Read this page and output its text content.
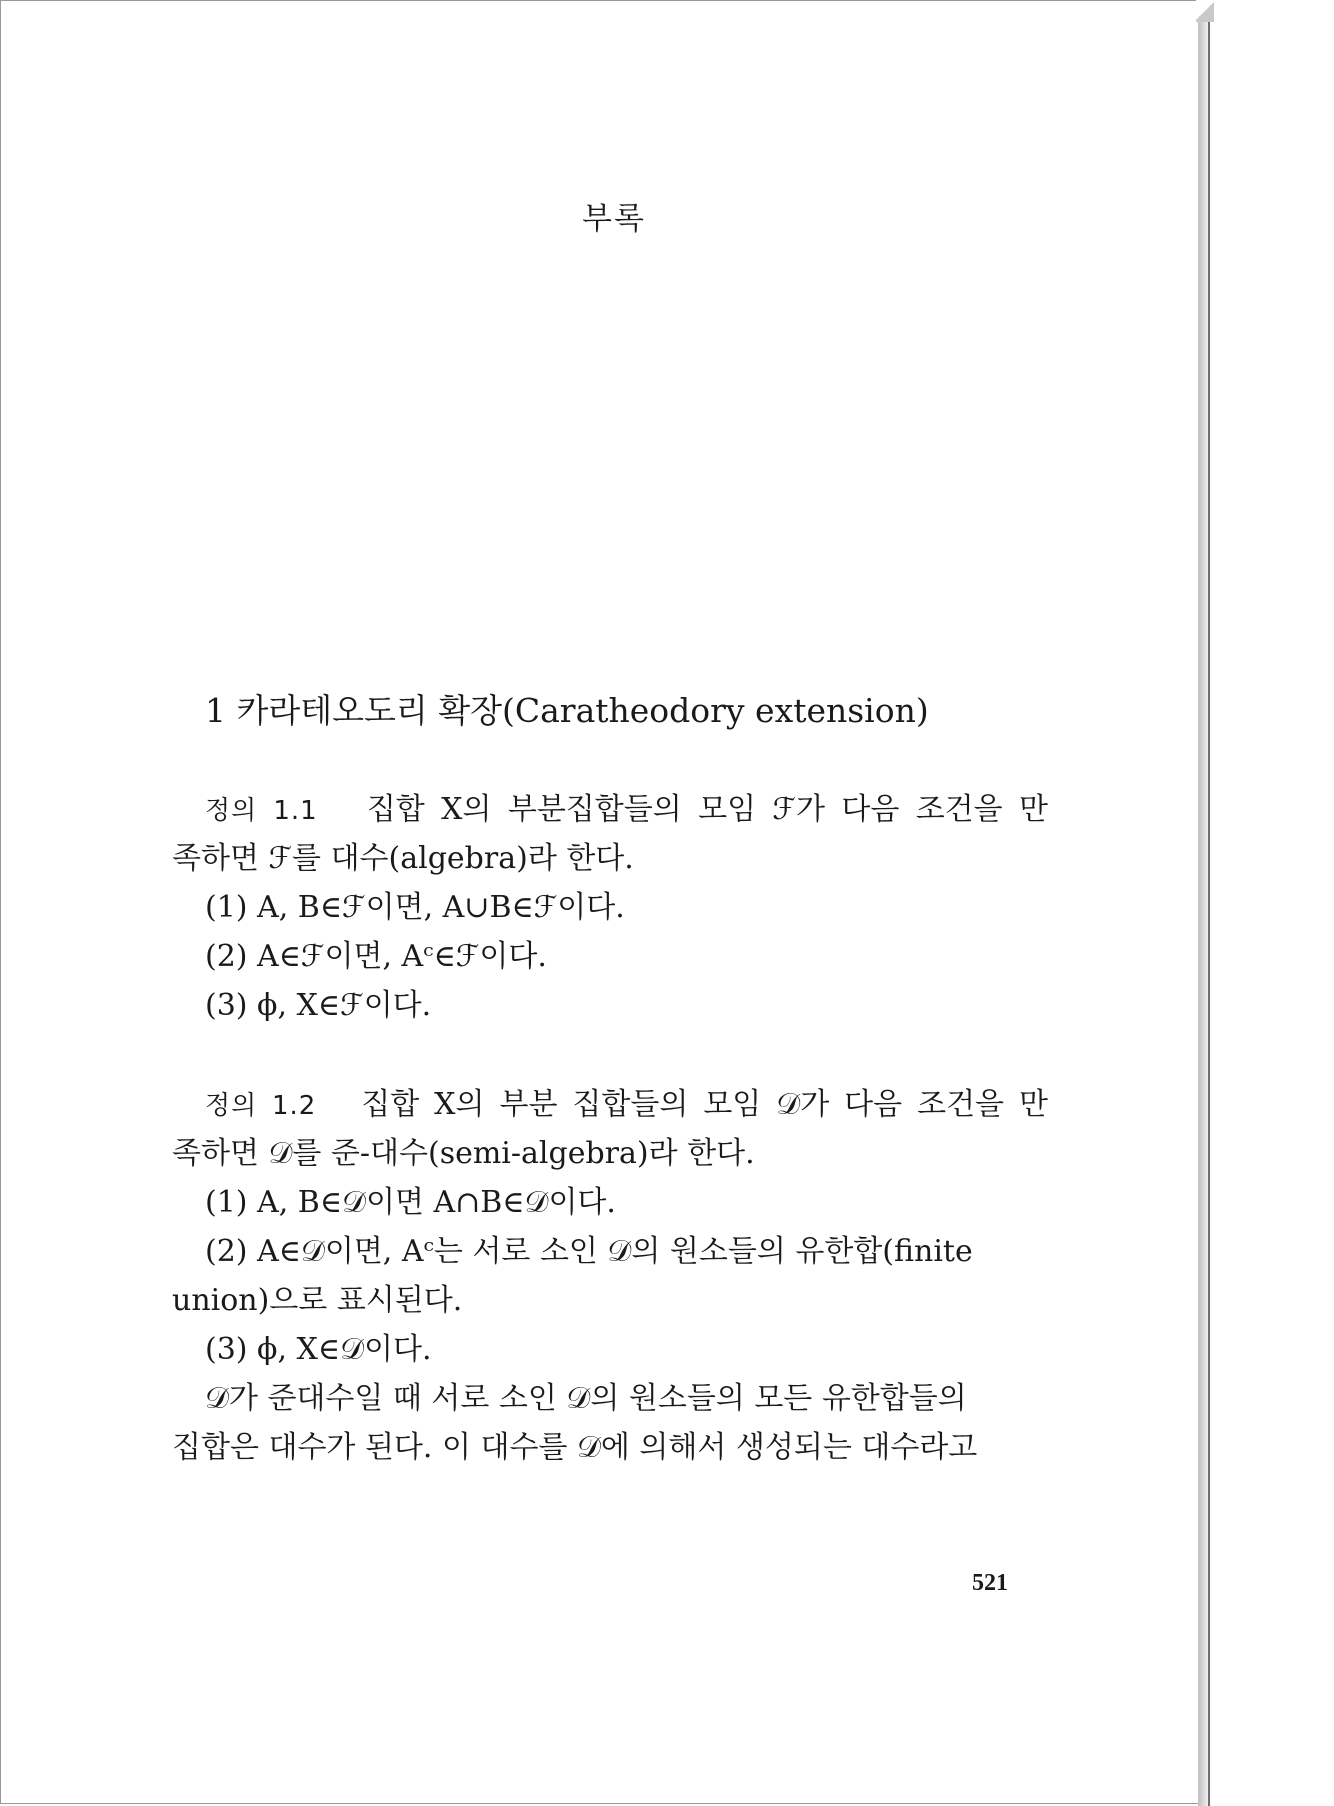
부록
1 카라테오도리 확장(Caratheodory extension)
정의 1.1 집합 X의 부분집합들의 모임 ℱ가 다음 조건을 만
족하면 ℱ를 대수(algebra)라 한다.
(1) A, B∈ℱ이면, A∪B∈ℱ이다.
(2) A∈ℱ이면, Aᶜ∈ℱ이다.
(3) ϕ, X∈ℱ이다.
정의 1.2 집합 X의 부분 집합들의 모임 𝒟가 다음 조건을 만
족하면 𝒟를 준-대수(semi-algebra)라 한다.
(1) A, B∈𝒟이면 A∩B∈𝒟이다.
(2) A∈𝒟이면, Aᶜ는 서로 소인 𝒟의 원소들의 유한합(finite
union)으로 표시된다.
(3) ϕ, X∈𝒟이다.
𝒟가 준대수일 때 서로 소인 𝒟의 원소들의 모든 유한합들의
집합은 대수가 된다. 이 대수를 𝒟에 의해서 생성되는 대수라고
521
